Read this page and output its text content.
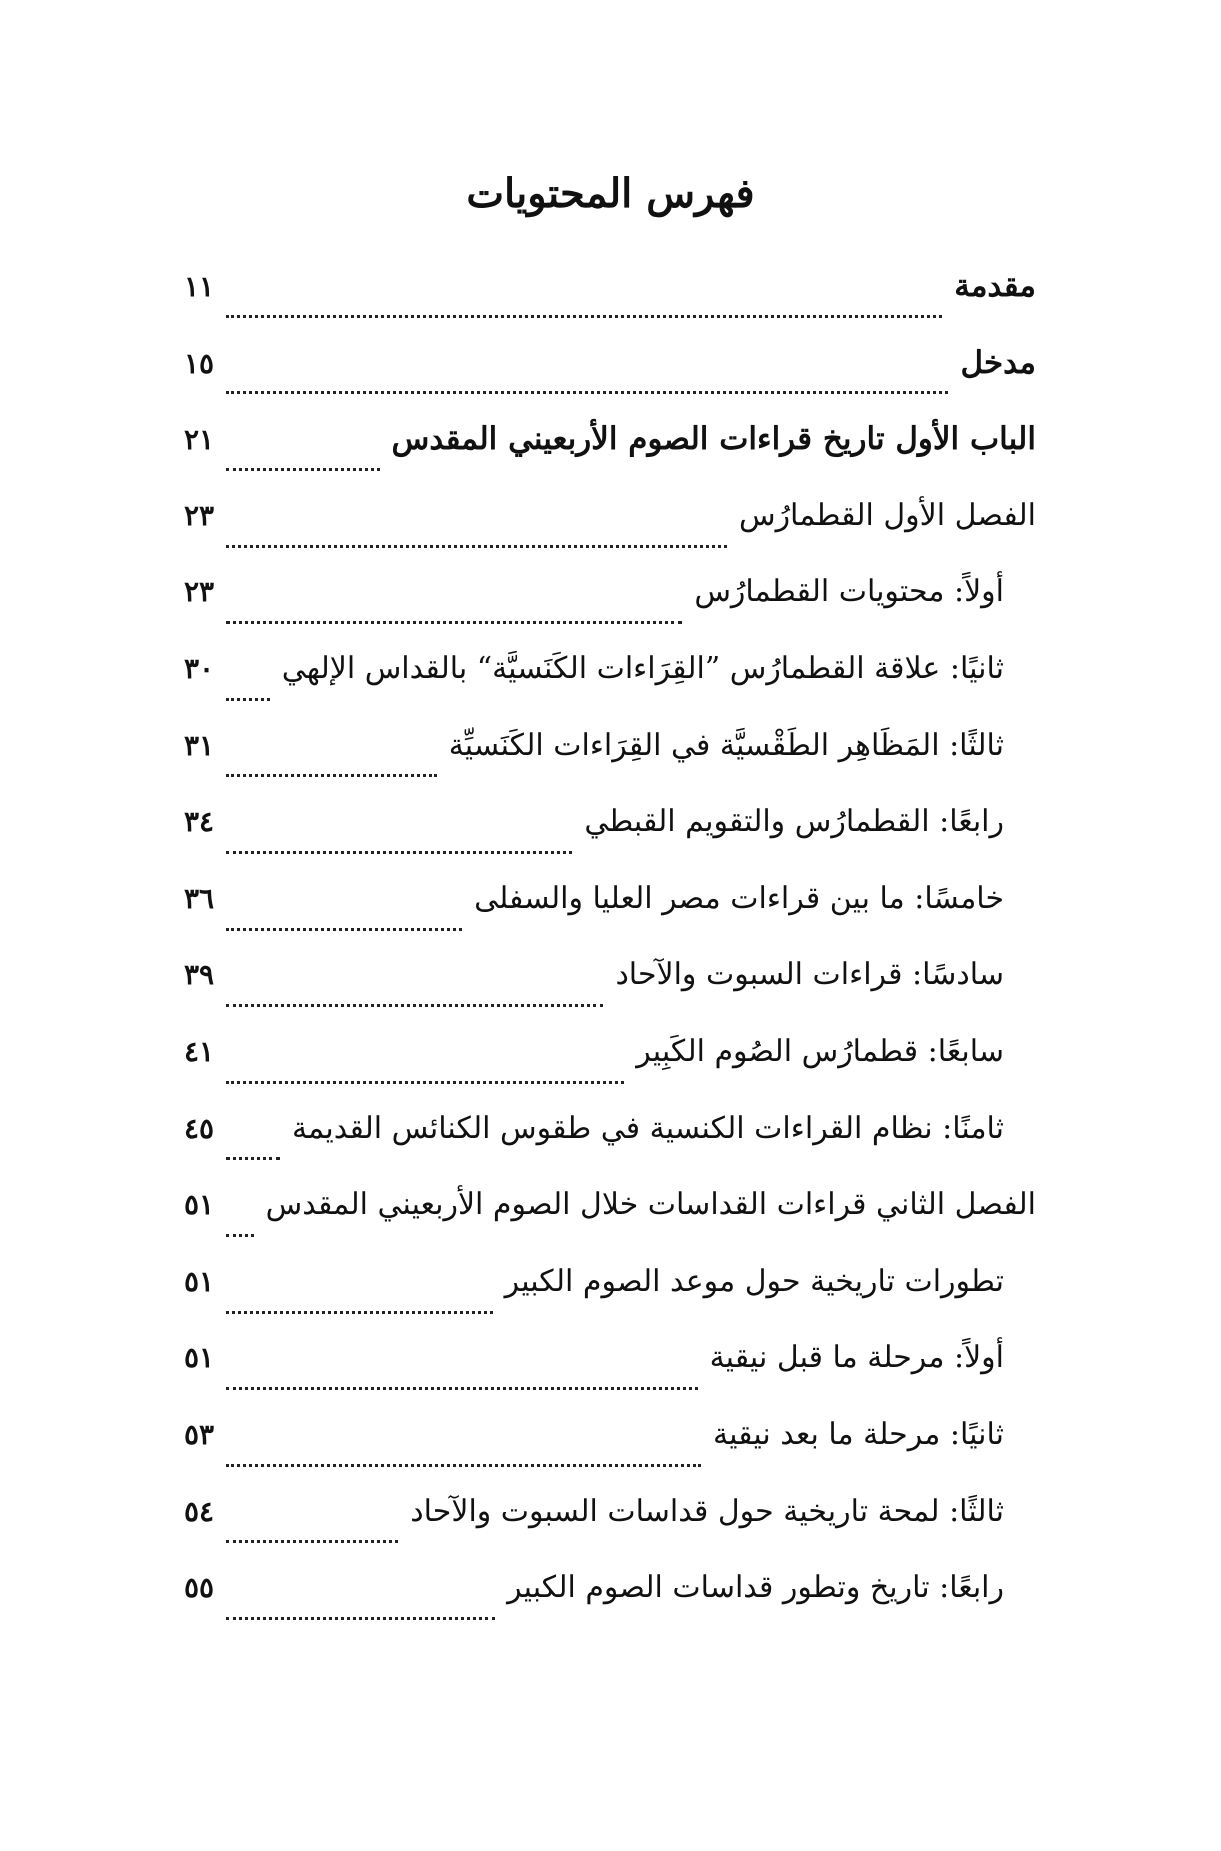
فهرس المحتويات
مقدمة
١١
مدخل
١٥
الباب الأول تاريخ قراءات الصوم الأربعيني المقدس
٢١
الفصل الأول القطمارُس
٢٣
أولاً: محتويات القطمارُس
٢٣
ثانيًا: علاقة القطمارُس ”القِرَاءات الكَنَسيَّة“ بالقداس الإلهي
٣٠
ثالثًا: المَظَاهِر الطَقْسيَّة في القِرَاءات الكَنَسيِّة
٣١
رابعًا: القطمارُس والتقويم القبطي
٣٤
خامسًا: ما بين قراءات مصر العليا والسفلى
٣٦
سادسًا: قراءات السبوت والآحاد
٣٩
سابعًا: قطمارُس الصُوم الكَبِير
٤١
ثامنًا: نظام القراءات الكنسية في طقوس الكنائس القديمة
٤٥
الفصل الثاني قراءات القداسات خلال الصوم الأربعيني المقدس
٥١
تطورات تاريخية حول موعد الصوم الكبير
٥١
أولاً: مرحلة ما قبل نيقية
٥١
ثانيًا: مرحلة ما بعد نيقية
٥٣
ثالثًا: لمحة تاريخية حول قداسات السبوت والآحاد
٥٤
رابعًا: تاريخ وتطور قداسات الصوم الكبير
٥٥
